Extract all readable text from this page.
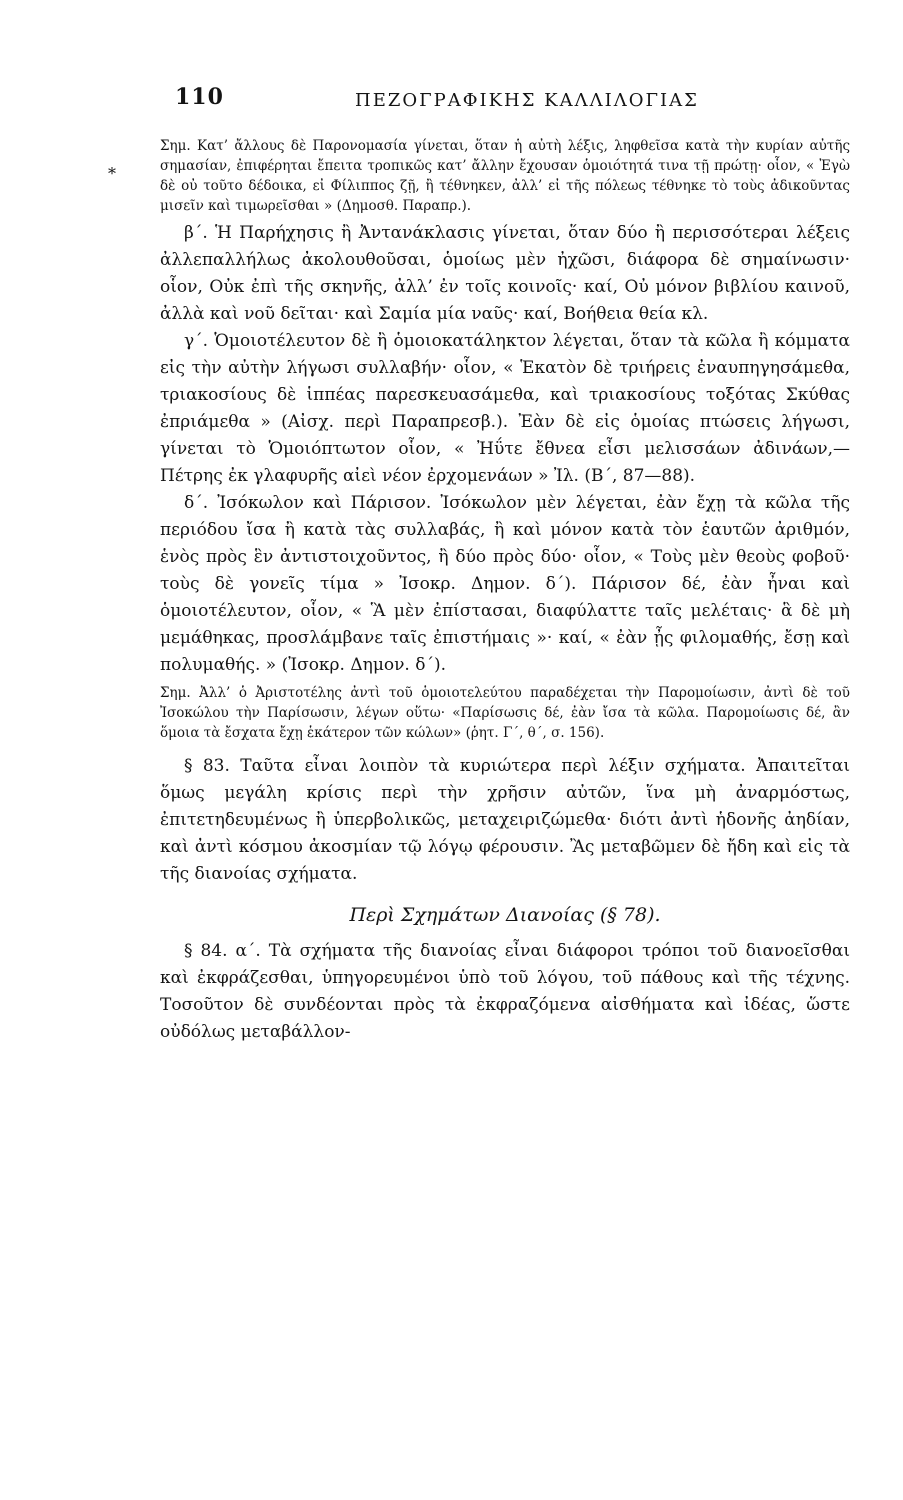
*
110	ΠΕΖΟΓΡΑΦΙΚΗΣ ΚΑΛΛΙΛΟΓΙΑΣ

Σημ. Κατ’ ἄλλους δὲ Παρονομασία γίνεται, ὅταν ἡ αὐτὴ λέξις, ληφθεῖσα κατὰ τὴν κυρίαν αὐτῆς σημασίαν, ἐπιφέρηται ἔπειτα τροπικῶς κατ’ ἄλλην ἔχουσαν ὁμοιότητά τινα τῇ πρώτῃ· οἷον, « Ἐγὼ δὲ οὐ τοῦτο δέδοικα, εἰ Φίλιππος ζῇ, ἢ τέθνηκεν, ἀλλ’ εἰ τῆς πόλεως τέθνηκε τὸ τοὺς ἀδικοῦντας μισεῖν καὶ τιμωρεῖσθαι » (Δημοσθ. Παραπρ.).

β΄. Ἡ Παρήχησις ἢ Ἀντανάκλασις γίνεται, ὅταν δύο ἢ περισσότεραι λέξεις ἀλλεπαλλήλως ἀκολουθοῦσαι, ὁμοίως μὲν ἠχῶσι, διάφορα δὲ σημαίνωσιν· οἷον, Οὐκ ἐπὶ τῆς σκηνῆς, ἀλλ’ ἐν τοῖς κοινοῖς· καί, Οὐ μόνον βιβλίου καινοῦ, ἀλλὰ καὶ νοῦ δεῖται· καὶ Σαμία μία ναῦς· καί, Βοήθεια θεία κλ.

γ΄. Ὁμοιοτέλευτον δὲ ἢ ὁμοιοκατάληκτον λέγεται, ὅταν τὰ κῶλα ἢ κόμματα εἰς τὴν αὐτὴν λήγωσι συλλαβήν· οἷον, « Ἑκατὸν δὲ τριήρεις ἐναυπηγησάμεθα, τριακοσίους δὲ ἱππέας παρεσκευασάμεθα, καὶ τριακοσίους τοξότας Σκύθας ἐπριάμεθα » (Αἰσχ. περὶ Παραπρεσβ.). Ἐὰν δὲ εἰς ὁμοίας πτώσεις λήγωσι, γίνεται τὸ Ὁμοιόπτωτον οἷον, « Ἠΰτε ἔθνεα εἶσι μελισσάων ἀδινάων,— Πέτρης ἐκ γλαφυρῆς αἰεὶ νέον ἐρχομενάων » Ἰλ. (Β΄, 87—88).

δ΄. Ἰσόκωλον καὶ Πάρισον. Ἰσόκωλον μὲν λέγεται, ἐὰν ἔχῃ τὰ κῶλα τῆς περιόδου ἴσα ἢ κατὰ τὰς συλλαβάς, ἢ καὶ μόνον κατὰ τὸν ἑαυτῶν ἀριθμόν, ἑνὸς πρὸς ἓν ἀντιστοιχοῦντος, ἢ δύο πρὸς δύο· οἷον, « Τοὺς μὲν θεοὺς φοβοῦ· τοὺς δὲ γονεῖς τίμα » Ἰσοκρ. Δημον. δ΄). Πάρισον δέ, ἐὰν ἦναι καὶ ὁμοιοτέλευτον, οἷον, « Ἃ μὲν ἐπίστασαι, διαφύλαττε ταῖς μελέταις· ἃ δὲ μὴ μεμάθηκας, προσλάμβανε ταῖς ἐπιστήμαις »· καί, « ἐὰν ᾖς φιλομαθής, ἔσῃ καὶ πολυμαθής. » (Ἰσοκρ. Δημον. δ΄).

Σημ. Ἀλλ’ ὁ Ἀριστοτέλης ἀντὶ τοῦ ὁμοιοτελεύτου παραδέχεται τὴν Παρομοίωσιν, ἀντὶ δὲ τοῦ Ἰσοκώλου τὴν Παρίσωσιν, λέγων οὕτω· «Παρίσωσις δέ, ἐὰν ἴσα τὰ κῶλα. Παρομοίωσις δέ, ἂν ὅμοια τὰ ἔσχατα ἔχῃ ἑκάτερον τῶν κώλων» (ῥητ. Γ΄, θ΄, σ. 156).

§ 83. Ταῦτα εἶναι λοιπὸν τὰ κυριώτερα περὶ λέξιν σχήματα. Ἀπαιτεῖται ὅμως μεγάλη κρίσις περὶ τὴν χρῆσιν αὐτῶν, ἵνα μὴ ἀναρμόστως, ἐπιτετηδευμένως ἢ ὑπερβολικῶς, μεταχειριζώμεθα· διότι ἀντὶ ἡδονῆς ἀηδίαν, καὶ ἀντὶ κόσμου ἀκοσμίαν τῷ λόγῳ φέρουσιν. Ἂς μεταβῶμεν δὲ ἤδη καὶ εἰς τὰ τῆς διανοίας σχήματα.

Περὶ Σχημάτων Διανοίας (§ 78).

§ 84. α΄. Τὰ σχήματα τῆς διανοίας εἶναι διάφοροι τρόποι τοῦ διανοεῖσθαι καὶ ἐκφράζεσθαι, ὑπηγορευμένοι ὑπὸ τοῦ λόγου, τοῦ πάθους καὶ τῆς τέχνης. Τοσοῦτον δὲ συνδέονται πρὸς τὰ ἐκφραζόμενα αἰσθήματα καὶ ἰδέας, ὥστε οὐδόλως μεταβάλλον-
